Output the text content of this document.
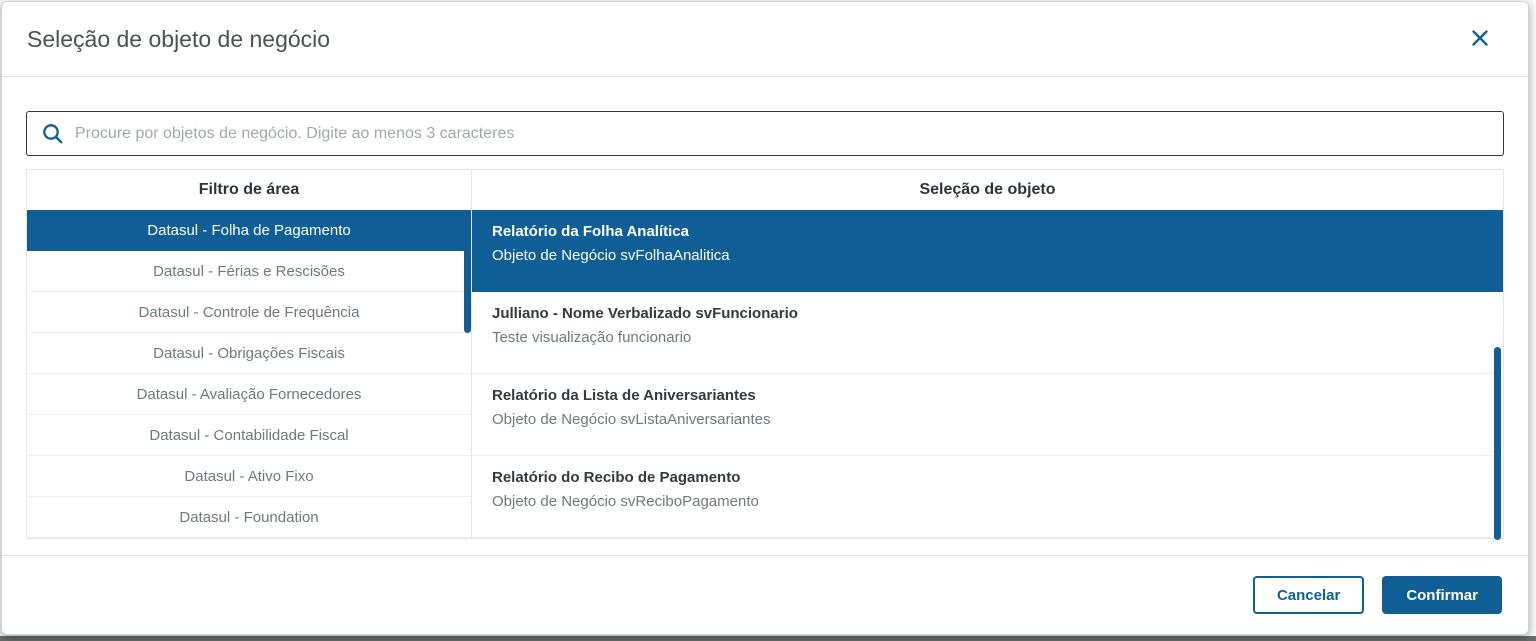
Seleção de objeto de negócio
Procure por objetos de negócio. Digite ao menos 3 caracteres
Filtro de área	Seleção de objeto
Datasul - Folha de Pagamento
Datasul - Férias e Rescisões
Datasul - Controle de Frequência
Datasul - Obrigações Fiscais
Datasul - Avaliação Fornecedores
Datasul - Contabilidade Fiscal
Datasul - Ativo Fixo
Datasul - Foundation
Relatório da Folha Analítica
Objeto de Negócio svFolhaAnalitica
Julliano - Nome Verbalizado svFuncionario
Teste visualização funcionario
Relatório da Lista de Aniversariantes
Objeto de Negócio svListaAniversariantes
Relatório do Recibo de Pagamento
Objeto de Negócio svReciboPagamento
Cancelar	Confirmar
